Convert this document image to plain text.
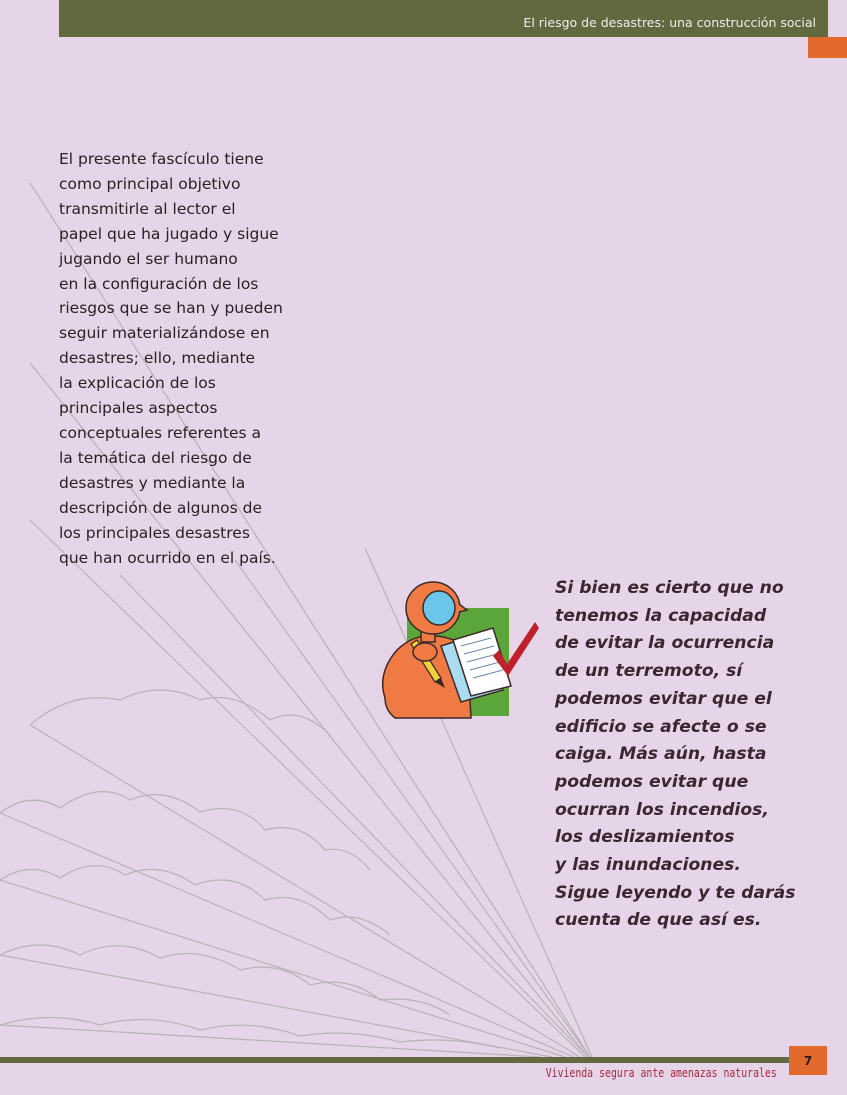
El riesgo de desastres: una construcción social
El presente fascículo tiene
como principal objetivo
transmitirle al lector el
papel que ha jugado y sigue
jugando el ser humano
en la configuración de los
riesgos que se han y pueden
seguir materializándose en
desastres; ello, mediante
la explicación de los
principales aspectos
conceptuales referentes a
la temática del riesgo de
desastres y mediante la
descripción de algunos de
los principales desastres
que han ocurrido en el país.
Si bien es cierto que no
tenemos la capacidad
de evitar la ocurrencia
de un terremoto, sí
podemos evitar que el
edificio se afecte o se
caiga. Más aún, hasta
podemos evitar que
ocurran los incendios,
los deslizamientos
y las inundaciones.
Sigue leyendo y te darás
cuenta de que así es.
7
Vivienda segura ante amenazas naturales
